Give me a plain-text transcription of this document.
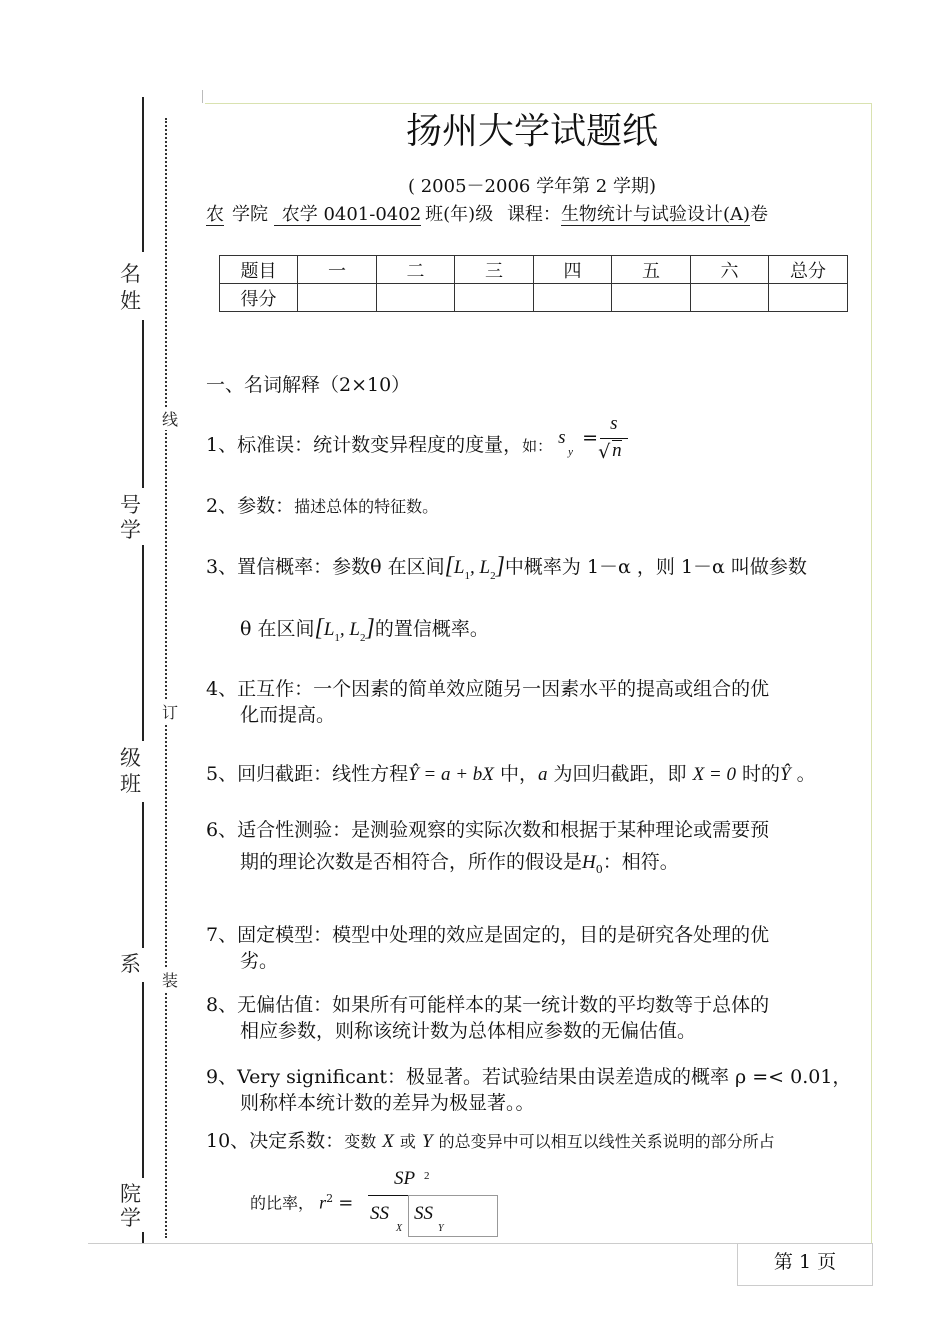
名
姓
号
学
级
班
系
院
学
线
订
装
扬州大学试题纸
( 2005－2006 学年第 2 学期)
农 学院 农学 0401-0402 班(年)级 课程：生物统计与试验设计(A)卷
题目	一	二	三	四	五	六	总分
得分							
一、名词解释（2×10）
1、标准误：统计数变异程度的度量，如： s
y
=
s
√ n
2、参数：描述总体的特征数。
3、置信概率：参数θ 在区间[$L_1$, $L_2$]中概率为 1－α ，则 1－α 叫做参数
θ 在区间[$L_1$, $L_2$]的置信概率。
4、正互作：一个因素的简单效应随另一因素水平的提高或组合的优
化而提高。
5、回归截距：线性方程Ŷ = a + bX 中，a 为回归截距，即 X = 0 时的Ŷ 。
6、适合性测验：是测验观察的实际次数和根据于某种理论或需要预
期的理论次数是否相符合，所作的假设是$H_0$：相符。
7、固定模型：模型中处理的效应是固定的，目的是研究各处理的优
劣。
8、无偏估值：如果所有可能样本的某一统计数的平均数等于总体的
相应参数，则称该统计数为总体相应参数的无偏估值。
9、Very significant：极显著。若试验结果由误差造成的概率 ρ =< 0.01，
则称样本统计数的差异为极显著。。
10、决定系数：变数 X 或 Y 的总变异中可以相互以线性关系说明的部分所占
的比率， $r^2$ =
SP 2
SS
X
SS
Y
第 1 页
